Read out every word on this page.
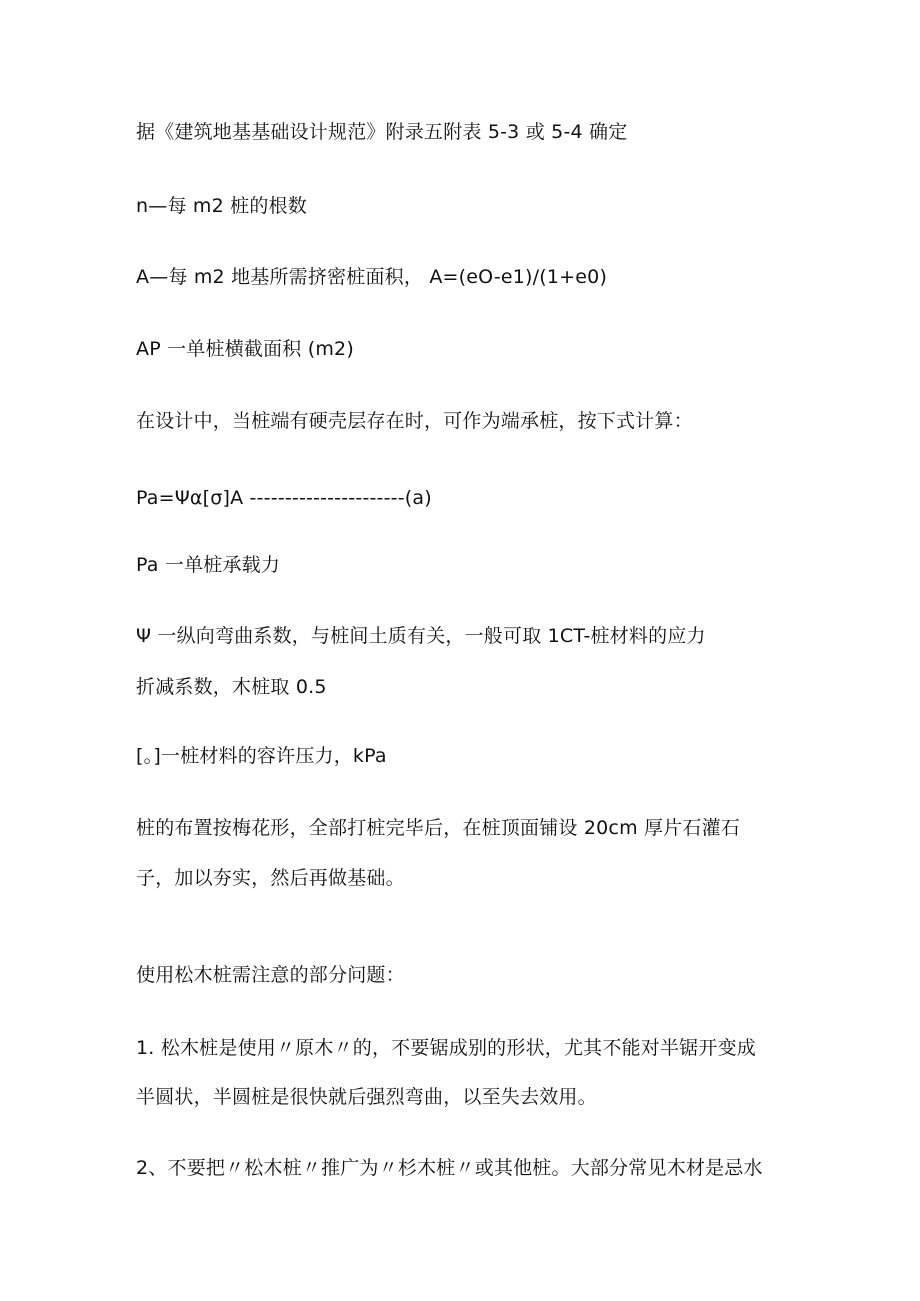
据《建筑地基基础设计规范》附录五附表 5-3 或 5-4 确定
n—每 m2 桩的根数
A—每 m2 地基所需挤密桩面积， A=(eO-e1)/(1+e0)
AP 一单桩横截面积 (m2)
在设计中，当桩端有硬壳层存在时，可作为端承桩，按下式计算：
Pa=Ψα[σ]A ----------------------(a)
Pa 一单桩承载力
Ψ 一纵向弯曲系数，与桩间土质有关，一般可取 1CT-桩材料的应力
折减系数，木桩取 0.5
[。]一桩材料的容许压力，kPa
桩的布置按梅花形，全部打桩完毕后，在桩顶面铺设 20cm 厚片石灌石
子，加以夯实，然后再做基础。
使用松木桩需注意的部分问题：
1. 松木桩是使用〃原木〃的，不要锯成别的形状，尤其不能对半锯开变成
半圆状，半圆桩是很快就后强烈弯曲，以至失去效用。
2、不要把〃松木桩〃推广为〃杉木桩〃或其他桩。大部分常见木材是忌水
